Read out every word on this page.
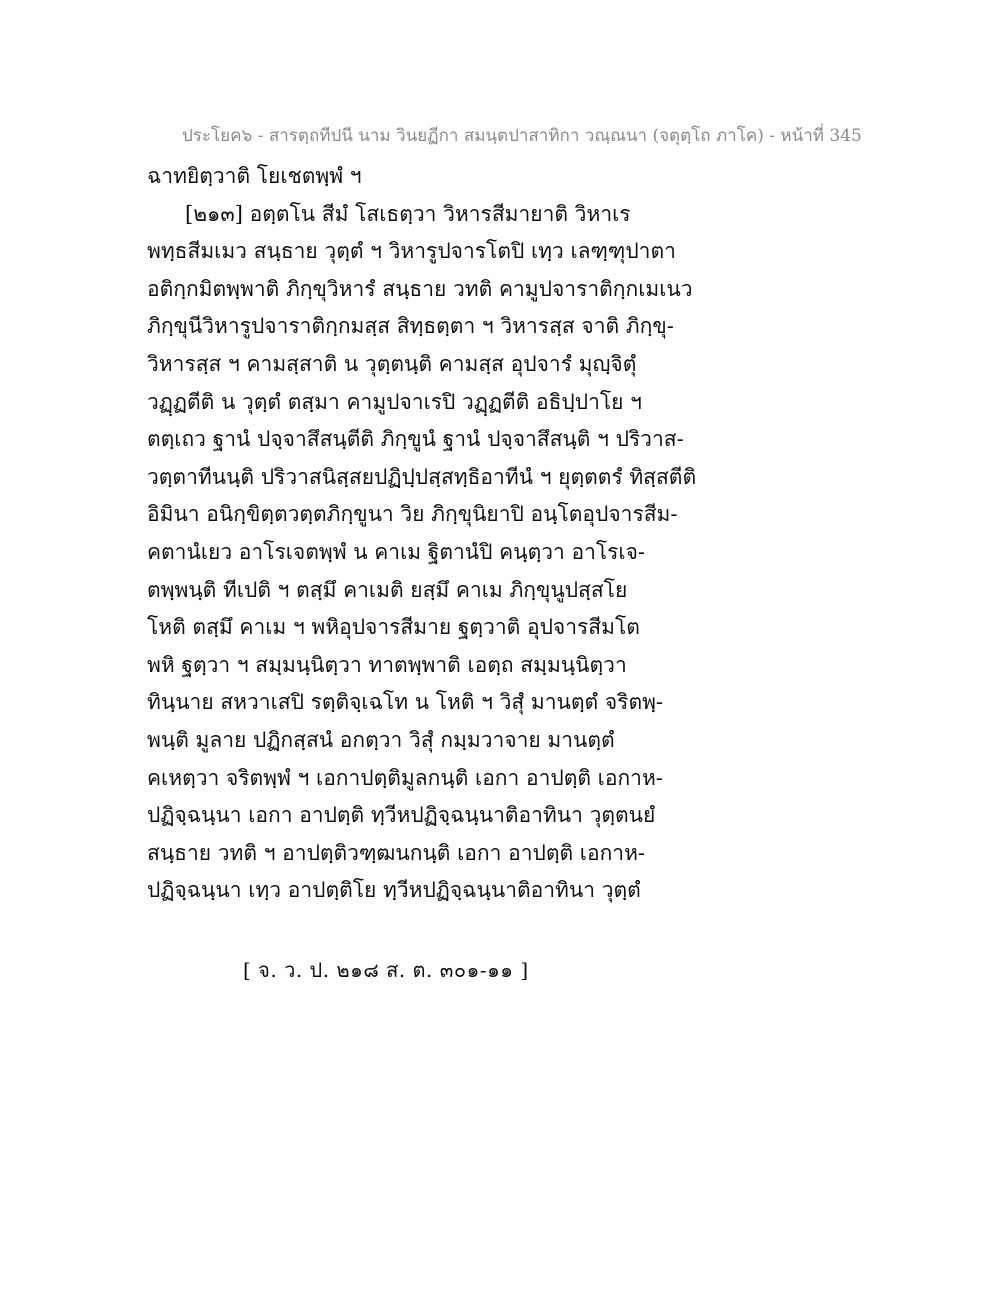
ประโยค๖ - สารตฺถทีปนี นาม วินยฏีกา สมนฺตปาสาทิกา วณฺณนา (จตุตฺโถ ภาโค) - หน้าที่ 345
ฉาทยิตฺวาติ โยเชตพฺพํ ฯ
[๒๑๓] อตฺตโน สีมํ โสเธตฺวา วิหารสีมายาติ วิหาเร
พทฺธสีมเมว สนฺธาย วุตฺตํ ฯ วิหารูปจารโตปิ เทฺว เลฑฺฑุปาตา
อติกฺกมิตพฺพาติ ภิกฺขุวิหารํ สนฺธาย วทติ คามูปจาราติกฺกเมเนว
ภิกฺขุนีวิหารูปจาราติกฺกมสฺส สิทฺธตฺตา ฯ วิหารสฺส จาติ ภิกฺขุ-
วิหารสฺส ฯ คามสฺสาติ น วุตฺตนฺติ คามสฺส อุปจารํ มุญฺจิตุํ
วฏฺฏตีติ น วุตฺตํ ตสฺมา คามูปจาเรปิ วฏฺฏตีติ อธิปฺปาโย ฯ
ตตฺเถว ฐานํ ปจฺจาสึสนฺตีติ ภิกฺขูนํ ฐานํ ปจฺจาสึสนฺติ ฯ ปริวาส-
วตฺตาทีนนฺติ ปริวาสนิสฺสยปฏิปฺปสฺสทฺธิอาทีนํ ฯ ยุตฺตตรํ ทิสฺสตีติ
อิมินา อนิกฺขิตฺตวตฺตภิกฺขูนา วิย ภิกฺขุนิยาปิ อนฺโตอุปจารสีม-
คตานํเยว อาโรเจตพฺพํ น คาเม ฐิตานํปิ คนฺตฺวา อาโรเจ-
ตพฺพนฺติ ทีเปติ ฯ ตสฺมึ คาเมติ ยสฺมึ คาเม ภิกฺขุนูปสฺสโย
โหติ ตสฺมึ คาเม ฯ พหิอุปจารสีมาย ฐตฺวาติ อุปจารสีมโต
พหิ ฐตฺวา ฯ สมฺมนฺนิตฺวา ทาตพฺพาติ เอตฺถ สมฺมนฺนิตฺวา
ทินฺนาย สหวาเสปิ รตฺติจฺเฉโท น โหติ ฯ วิสุํ มานตฺตํ จริตพฺ-
พนฺติ มูลาย ปฏิกสฺสนํ อกตฺวา วิสุํ กมฺมวาจาย มานตฺตํ
คเหตฺวา จริตพฺพํ ฯ เอกาปตฺติมูลกนฺติ เอกา อาปตฺติ เอกาห-
ปฏิจฺฉนฺนา เอกา อาปตฺติ ทฺวีหปฏิจฺฉนฺนาติอาทินา วุตฺตนยํ
สนฺธาย วทติ ฯ อาปตฺติวฑฺฒนกนฺติ เอกา อาปตฺติ เอกาห-
ปฏิจฺฉนฺนา เทฺว อาปตฺติโย ทฺวีหปฏิจฺฉนฺนาติอาทินา วุตฺตํ
[ จ. ว. ป. ๒๑๘ ส. ต. ๓๐๑-๑๑ ]
